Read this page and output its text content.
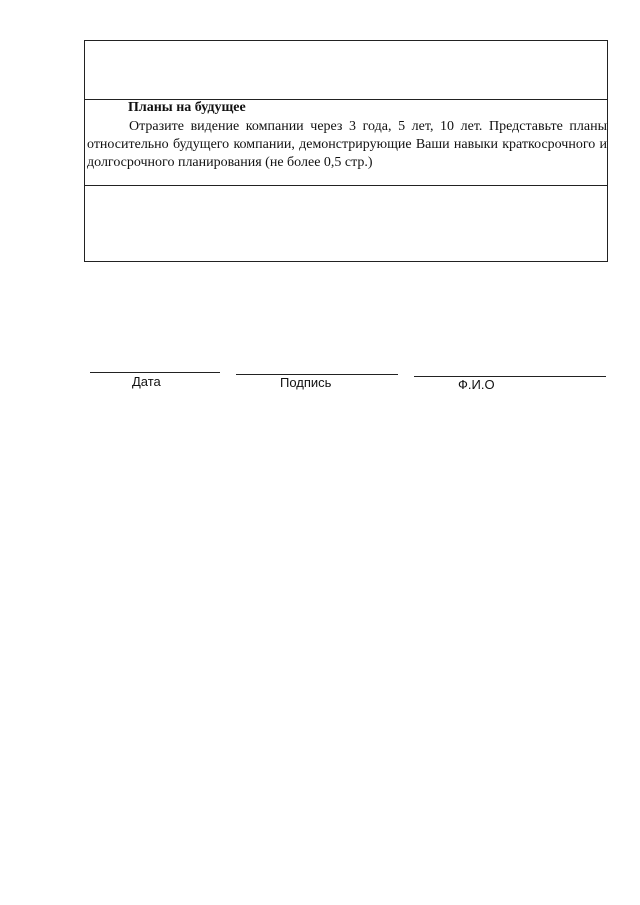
Планы на будущее

Отразите видение компании через 3 года, 5 лет, 10 лет. Представьте планы относительно будущего компании, демонстрирующие Ваши навыки краткосрочного и долгосрочного планирования (не более 0,5 стр.)

Дата	Подпись	Ф.И.О
